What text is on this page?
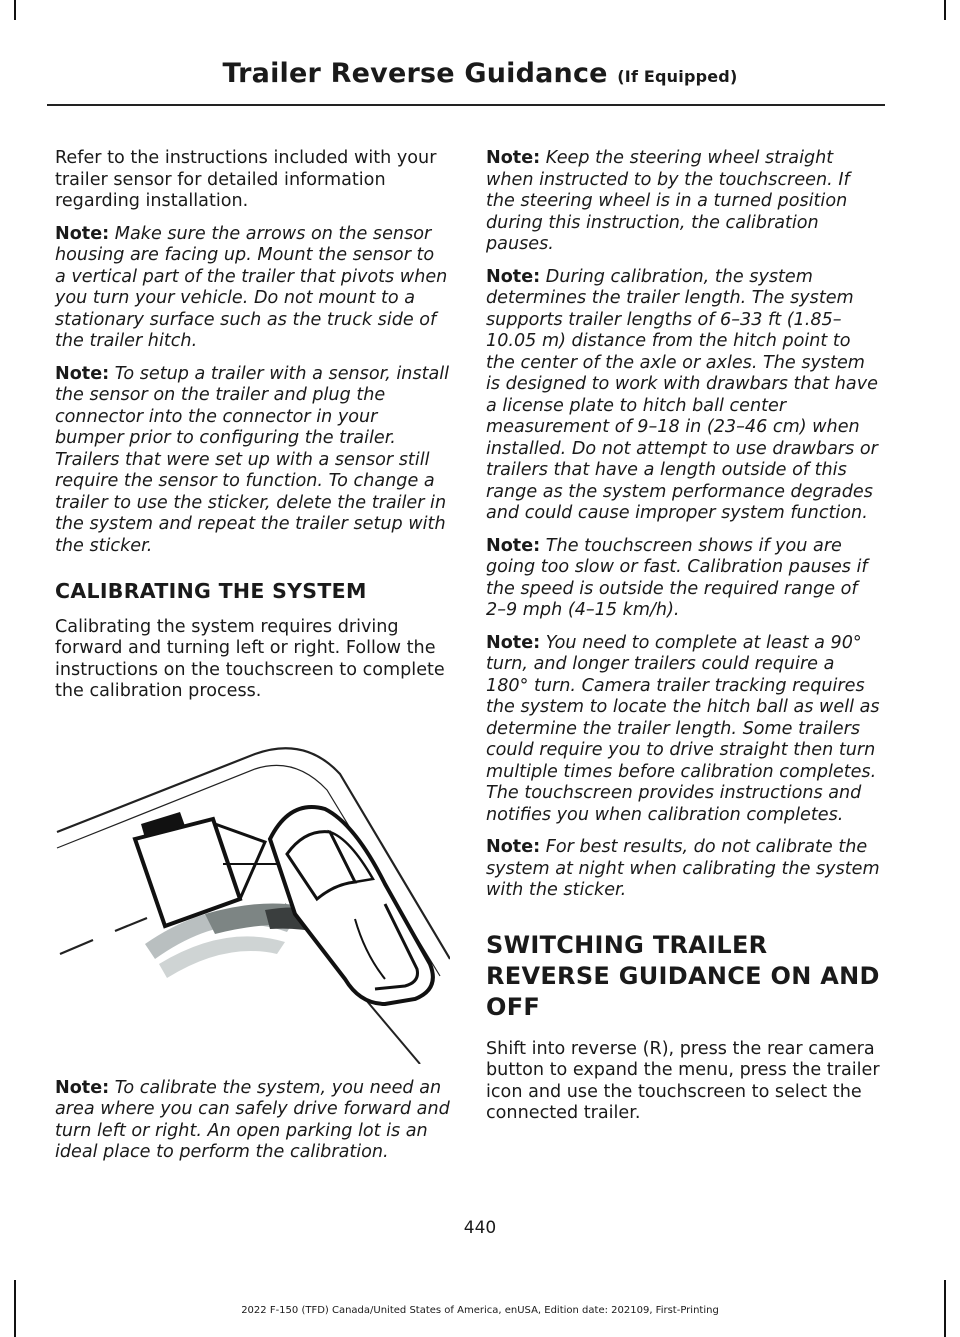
Trailer Reverse Guidance (If Equipped)

Refer to the instructions included with your trailer sensor for detailed information regarding installation.

Note: Make sure the arrows on the sensor housing are facing up. Mount the sensor to a vertical part of the trailer that pivots when you turn your vehicle. Do not mount to a stationary surface such as the truck side of the trailer hitch.

Note: To setup a trailer with a sensor, install the sensor on the trailer and plug the connector into the connector in your bumper prior to configuring the trailer. Trailers that were set up with a sensor still require the sensor to function. To change a trailer to use the sticker, delete the trailer in the system and repeat the trailer setup with the sticker.

CALIBRATING THE SYSTEM

Calibrating the system requires driving forward and turning left or right. Follow the instructions on the touchscreen to complete the calibration process.

Note: To calibrate the system, you need an area where you can safely drive forward and turn left or right. An open parking lot is an ideal place to perform the calibration.

Note: Keep the steering wheel straight when instructed to by the touchscreen. If the steering wheel is in a turned position during this instruction, the calibration pauses.

Note: During calibration, the system determines the trailer length. The system supports trailer lengths of 6–33 ft (1.85–10.05 m) distance from the hitch point to the center of the axle or axles. The system is designed to work with drawbars that have a license plate to hitch ball center measurement of 9–18 in (23–46 cm) when installed. Do not attempt to use drawbars or trailers that have a length outside of this range as the system performance degrades and could cause improper system function.

Note: The touchscreen shows if you are going too slow or fast. Calibration pauses if the speed is outside the required range of 2–9 mph (4–15 km/h).

Note: You need to complete at least a 90° turn, and longer trailers could require a 180° turn. Camera trailer tracking requires the system to locate the hitch ball as well as determine the trailer length. Some trailers could require you to drive straight then turn multiple times before calibration completes. The touchscreen provides instructions and notifies you when calibration completes.

Note: For best results, do not calibrate the system at night when calibrating the system with the sticker.

SWITCHING TRAILER
REVERSE GUIDANCE ON AND
OFF

Shift into reverse (R), press the rear camera button to expand the menu, press the trailer icon and use the touchscreen to select the connected trailer.

440
2022 F-150 (TFD) Canada/United States of America, enUSA, Edition date: 202109, First-Printing
